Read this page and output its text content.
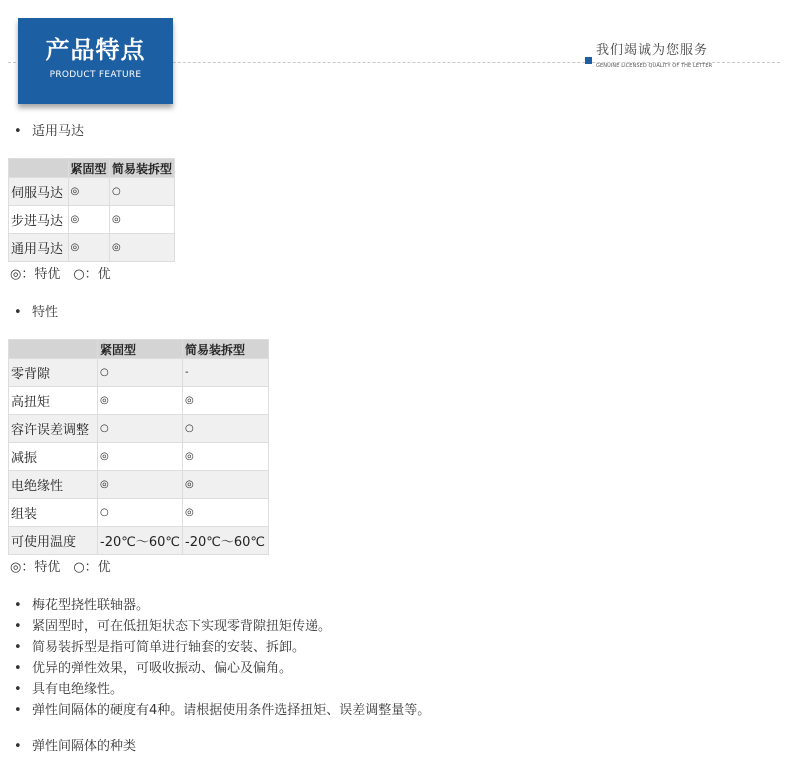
产品特点
PRODUCT FEATURE
我们竭诚为您服务
GENUINE LICENSED QUALITY OF THE LETTER
• 适用马达
	紧固型	简易装拆型
伺服马达	◎	○
步进马达	◎	◎
通用马达	◎	◎
◎：特优　○：优
• 特性
	紧固型	简易装拆型
零背隙	○	-
高扭矩	◎	◎
容许误差调整	○	○
减振	◎	◎
电绝缘性	◎	◎
组装	○	◎
可使用温度	-20℃～60℃	-20℃～60℃
◎：特优　○：优
• 梅花型挠性联轴器。
• 紧固型时，可在低扭矩状态下实现零背隙扭矩传递。
• 简易装拆型是指可简单进行轴套的安装、拆卸。
• 优异的弹性效果，可吸收振动、偏心及偏角。
• 具有电绝缘性。
• 弹性间隔体的硬度有4种。请根据使用条件选择扭矩、误差调整量等。
• 弹性间隔体的种类
